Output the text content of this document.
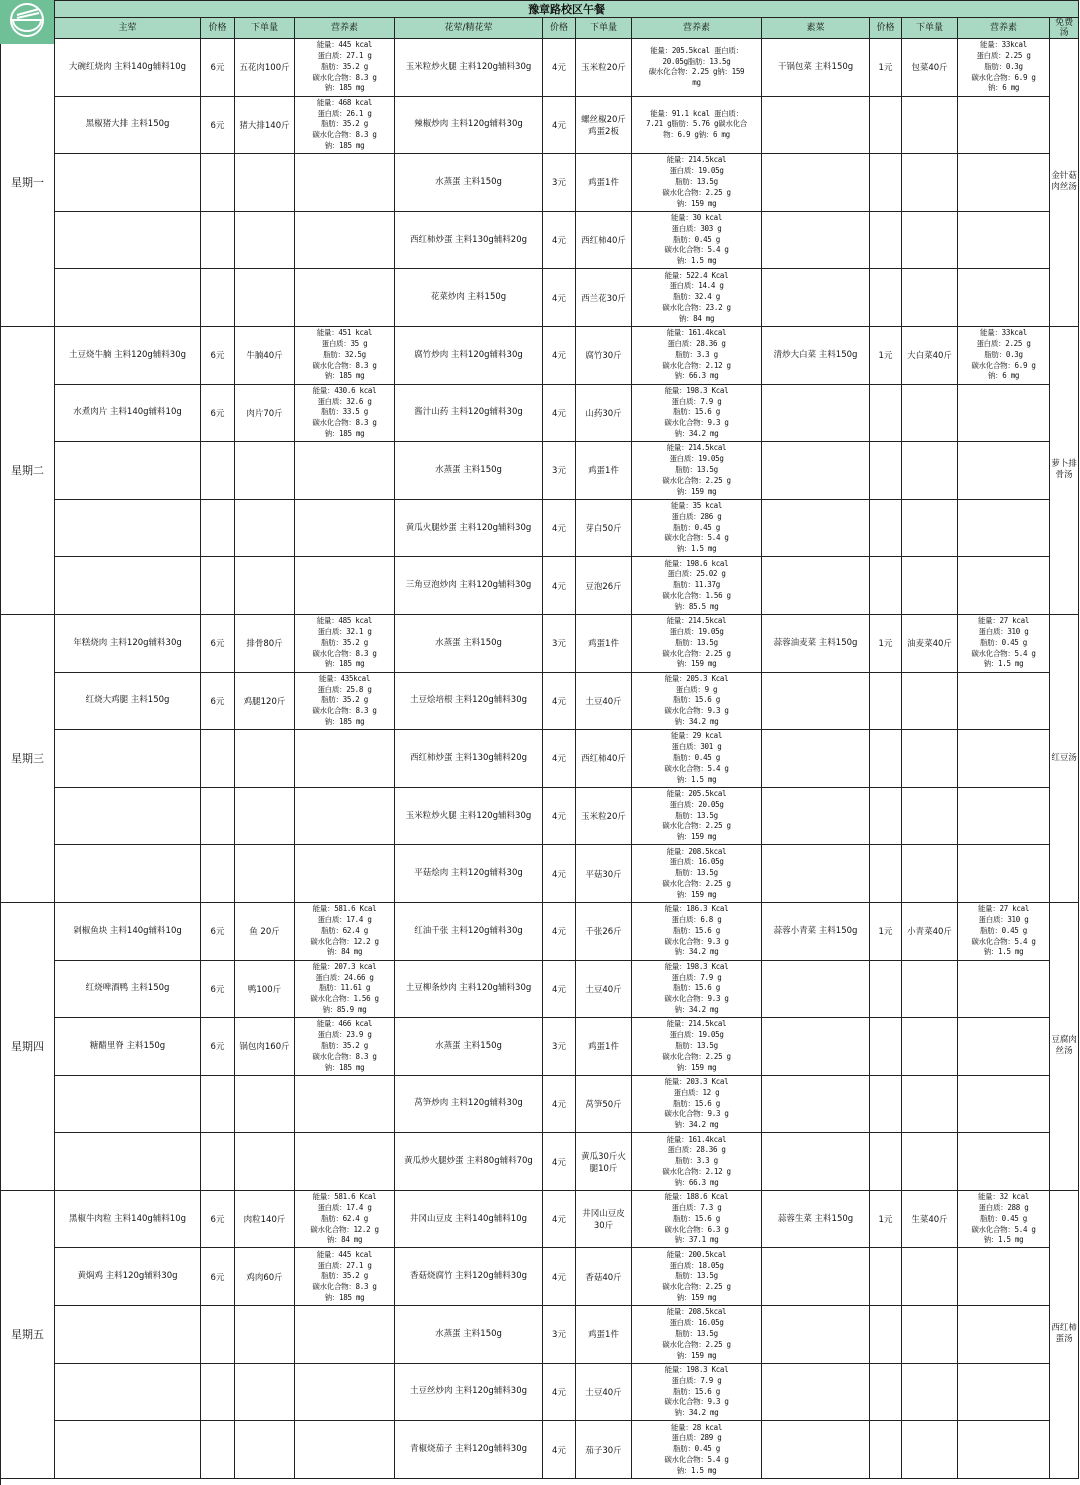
	豫章路校区午餐												
	主荤	价格	下单量	营养素	花荤/精花荤	价格	下单量	营养素	素菜	价格	下单量	营养素	免费汤
星期一	大碗红烧肉 主料140g辅料10g	6元	五花肉100斤	能量：445 kcal
蛋白质：27.1 g
脂肪：35.2 g
碳水化合物：8.3 g
钠：185 mg	玉米粒炒火腿 主料120g辅料30g	4元	玉米粒20斤	能量：205.5kcal 蛋白质：
20.05g脂肪：13.5g
碳水化合物：2.25 g钠：159
mg	干锅包菜 主料150g	1元	包菜40斤	能量：33kcal
蛋白质：2.25 g
脂肪：0.3g
碳水化合物：6.9 g
钠：6 mg	金针菇肉丝汤
	黑椒猪大排 主料150g	6元	猪大排140斤	能量：468 kcal
蛋白质：26.1 g
脂肪：35.2 g
碳水化合物：8.3 g
钠：185 mg	辣椒炒肉 主料120g辅料30g	4元	螺丝椒20斤 鸡蛋2板	能量：91.1 kcal 蛋白质：
7.21 g脂肪：5.76 g碳水化合
物：6.9 g钠：6 mg					
					水蒸蛋 主料150g	3元	鸡蛋1件	能量：214.5kcal
蛋白质：19.05g
脂肪：13.5g
碳水化合物：2.25 g
钠：159 mg					
					西红柿炒蛋 主料130g辅料20g	4元	西红柿40斤	能量：30 kcal
蛋白质：303 g
脂肪：0.45 g
碳水化合物：5.4 g
钠：1.5 mg					
					花菜炒肉 主料150g	4元	西兰花30斤	能量：522.4 Kcal
蛋白质：14.4 g
脂肪：32.4 g
碳水化合物：23.2 g
钠：84 mg					
星期二	土豆烧牛腩 主料120g辅料30g	6元	牛腩40斤	能量：451 kcal
蛋白质：35 g
脂肪：32.5g
碳水化合物：8.3 g
钠：185 mg	腐竹炒肉 主料120g辅料30g	4元	腐竹30斤	能量：161.4kcal
蛋白质：28.36 g
脂肪：3.3 g
碳水化合物：2.12 g
钠：66.3 mg	清炒大白菜 主料150g	1元	大白菜40斤	能量：33kcal
蛋白质：2.25 g
脂肪：0.3g
碳水化合物：6.9 g
钠：6 mg	萝卜排骨汤
	水煮肉片 主料140g辅料10g	6元	肉片70斤	能量：430.6 kcal
蛋白质：32.6 g
脂肪：33.5 g
碳水化合物：8.3 g
钠：185 mg	酱汁山药 主料120g辅料30g	4元	山药30斤	能量：198.3 Kcal
蛋白质：7.9 g
脂肪：15.6 g
碳水化合物：9.3 g
钠：34.2 mg					
					水蒸蛋 主料150g	3元	鸡蛋1件	能量：214.5kcal
蛋白质：19.05g
脂肪：13.5g
碳水化合物：2.25 g
钠：159 mg					
					黄瓜火腿炒蛋 主料120g辅料30g	4元	芽白50斤	能量：35 kcal
蛋白质：286 g
脂肪：0.45 g
碳水化合物：5.4 g
钠：1.5 mg					
					三角豆泡炒肉 主料120g辅料30g	4元	豆泡26斤	能量：198.6 kcal
蛋白质：25.02 g
脂肪：11.37g
碳水化合物：1.56 g
钠：85.5 mg					
星期三	年糕烧肉 主料120g辅料30g	6元	排骨80斤	能量：485 kcal
蛋白质：32.1 g
脂肪：35.2 g
碳水化合物：8.3 g
钠：185 mg	水蒸蛋 主料150g	3元	鸡蛋1件	能量：214.5kcal
蛋白质：19.05g
脂肪：13.5g
碳水化合物：2.25 g
钠：159 mg	蒜蓉油麦菜 主料150g	1元	油麦菜40斤	能量：27 kcal
蛋白质：310 g
脂肪：0.45 g
碳水化合物：5.4 g
钠：1.5 mg	红豆汤
	红烧大鸡腿 主料150g	6元	鸡腿120斤	能量：435kcal
蛋白质：25.8 g
脂肪：35.2 g
碳水化合物：8.3 g
钠：185 mg	土豆烩培根 主料120g辅料30g	4元	土豆40斤	能量：205.3 Kcal
蛋白质：9 g
脂肪：15.6 g
碳水化合物：9.3 g
钠：34.2 mg					
					西红柿炒蛋 主料130g辅料20g	4元	西红柿40斤	能量：29 kcal
蛋白质：301 g
脂肪：0.45 g
碳水化合物：5.4 g
钠：1.5 mg					
					玉米粒炒火腿 主料120g辅料30g	4元	玉米粒20斤	能量：205.5kcal
蛋白质：20.05g
脂肪：13.5g
碳水化合物：2.25 g
钠：159 mg					
					平菇烩肉 主料120g辅料30g	4元	平菇30斤	能量：208.5kcal
蛋白质：16.05g
脂肪：13.5g
碳水化合物：2.25 g
钠：159 mg					
星期四	剁椒鱼块 主料140g辅料10g	6元	鱼 20斤	能量：581.6 Kcal
蛋白质：17.4 g
脂肪：62.4 g
碳水化合物：12.2 g
钠：84 mg	红油千张 主料120g辅料30g	4元	千张26斤	能量：186.3 Kcal
蛋白质：6.8 g
脂肪：15.6 g
碳水化合物：9.3 g
钠：34.2 mg	蒜蓉小青菜 主料150g	1元	小青菜40斤	能量：27 kcal
蛋白质：310 g
脂肪：0.45 g
碳水化合物：5.4 g
钠：1.5 mg	豆腐肉丝汤
	红烧啤酒鸭 主料150g	6元	鸭100斤	能量：207.3 kcal
蛋白质：24.66 g
脂肪：11.61 g
碳水化合物：1.56 g
钠：85.9 mg	土豆柳条炒肉 主料120g辅料30g	4元	土豆40斤	能量：198.3 Kcal
蛋白质：7.9 g
脂肪：15.6 g
碳水化合物：9.3 g
钠：34.2 mg					
	糖醋里脊 主料150g	6元	锅包肉160斤	能量：466 kcal
蛋白质：23.9 g
脂肪：35.2 g
碳水化合物：8.3 g
钠：185 mg	水蒸蛋 主料150g	3元	鸡蛋1件	能量：214.5kcal
蛋白质：19.05g
脂肪：13.5g
碳水化合物：2.25 g
钠：159 mg					
					莴笋炒肉 主料120g辅料30g	4元	莴笋50斤	能量：203.3 Kcal
蛋白质：12 g
脂肪：15.6 g
碳水化合物：9.3 g
钠：34.2 mg					
					黄瓜炒火腿炒蛋 主料80g辅料70g	4元	黄瓜30斤火腿10斤	能量：161.4kcal
蛋白质：28.36 g
脂肪：3.3 g
碳水化合物：2.12 g
钠：66.3 mg					
星期五	黑椒牛肉粒 主料140g辅料10g	6元	肉粒140斤	能量：581.6 Kcal
蛋白质：17.4 g
脂肪：62.4 g
碳水化合物：12.2 g
钠：84 mg	井冈山豆皮 主料140g辅料10g	4元	井冈山豆皮30斤	能量：188.6 Kcal
蛋白质：7.3 g
脂肪：15.6 g
碳水化合物：6.3 g
钠：37.1 mg	蒜蓉生菜 主料150g	1元	生菜40斤	能量：32 kcal
蛋白质：288 g
脂肪：0.45 g
碳水化合物：5.4 g
钠：1.5 mg	西红柿蛋汤
	黄焖鸡 主料120g辅料30g	6元	鸡肉60斤	能量：445 kcal
蛋白质：27.1 g
脂肪：35.2 g
碳水化合物：8.3 g
钠：185 mg	香菇烧腐竹 主料120g辅料30g	4元	香菇40斤	能量：200.5kcal
蛋白质：18.05g
脂肪：13.5g
碳水化合物：2.25 g
钠：159 mg					
					水蒸蛋 主料150g	3元	鸡蛋1件	能量：208.5kcal
蛋白质：16.05g
脂肪：13.5g
碳水化合物：2.25 g
钠：159 mg					
					土豆丝炒肉 主料120g辅料30g	4元	土豆40斤	能量：198.3 Kcal
蛋白质：7.9 g
脂肪：15.6 g
碳水化合物：9.3 g
钠：34.2 mg					
					青椒烧茄子 主料120g辅料30g	4元	茄子30斤	能量：28 kcal
蛋白质：289 g
脂肪：0.45 g
碳水化合物：5.4 g
钠：1.5 mg					
